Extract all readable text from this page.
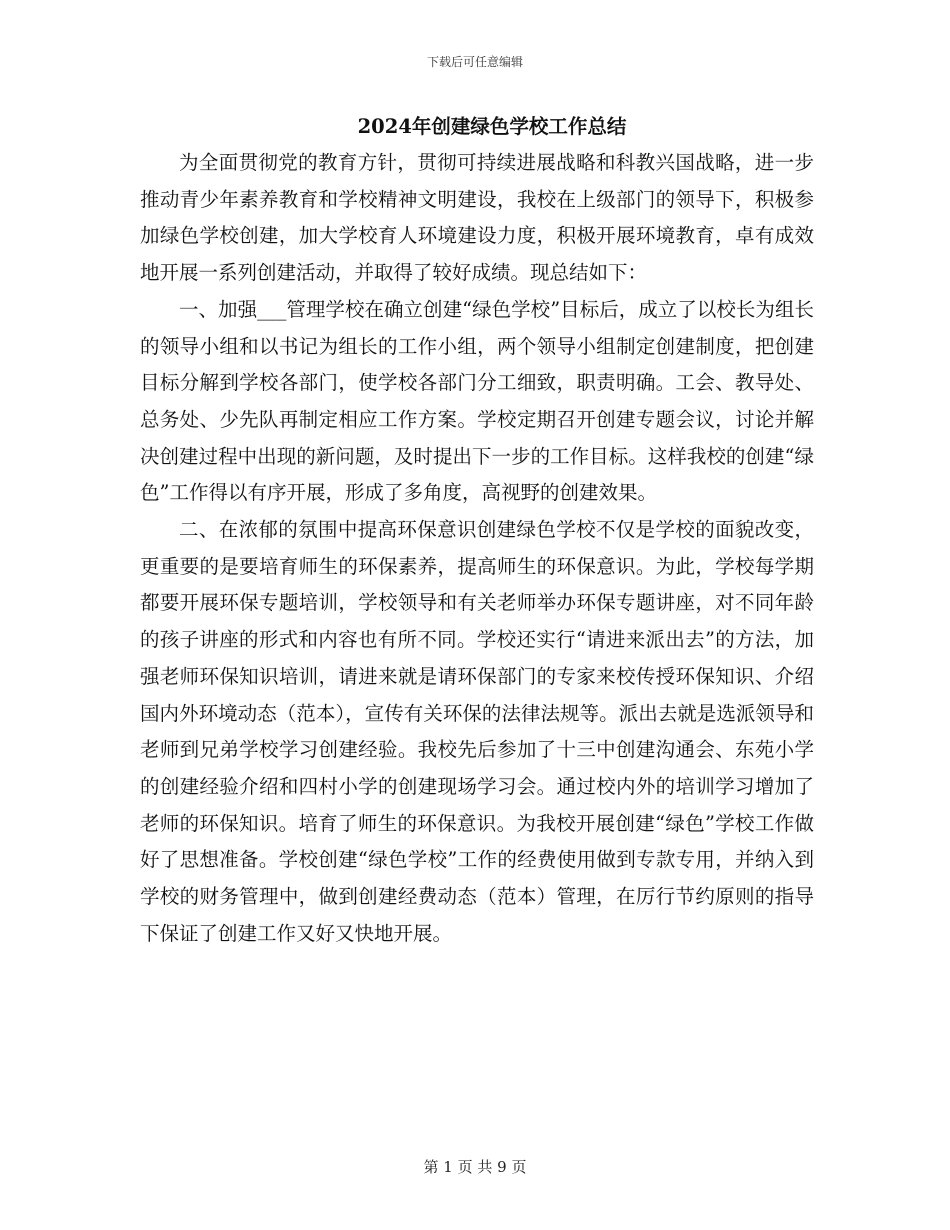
下载后可任意编辑
2024年创建绿色学校工作总结

为全面贯彻党的教育方针，贯彻可持续进展战略和科教兴国战略，进一步推动青少年素养教育和学校精神文明建设，我校在上级部门的领导下，积极参加绿色学校创建，加大学校育人环境建设力度，积极开展环境教育，卓有成效地开展一系列创建活动，并取得了较好成绩。现总结如下：

一、加强___管理学校在确立创建“绿色学校”目标后，成立了以校长为组长的领导小组和以书记为组长的工作小组，两个领导小组制定创建制度，把创建目标分解到学校各部门，使学校各部门分工细致，职责明确。工会、教导处、总务处、少先队再制定相应工作方案。学校定期召开创建专题会议，讨论并解决创建过程中出现的新问题，及时提出下一步的工作目标。这样我校的创建“绿色”工作得以有序开展，形成了多角度，高视野的创建效果。

二、在浓郁的氛围中提高环保意识创建绿色学校不仅是学校的面貌改变，更重要的是要培育师生的环保素养，提高师生的环保意识。为此，学校每学期都要开展环保专题培训，学校领导和有关老师举办环保专题讲座，对不同年龄的孩子讲座的形式和内容也有所不同。学校还实行“请进来派出去”的方法，加强老师环保知识培训，请进来就是请环保部门的专家来校传授环保知识、介绍国内外环境动态（范本），宣传有关环保的法律法规等。派出去就是选派领导和老师到兄弟学校学习创建经验。我校先后参加了十三中创建沟通会、东苑小学的创建经验介绍和四村小学的创建现场学习会。通过校内外的培训学习增加了老师的环保知识。培育了师生的环保意识。为我校开展创建“绿色”学校工作做好了思想准备。学校创建“绿色学校”工作的经费使用做到专款专用，并纳入到学校的财务管理中，做到创建经费动态（范本）管理，在厉行节约原则的指导下保证了创建工作又好又快地开展。

第 1 页 共 9 页
